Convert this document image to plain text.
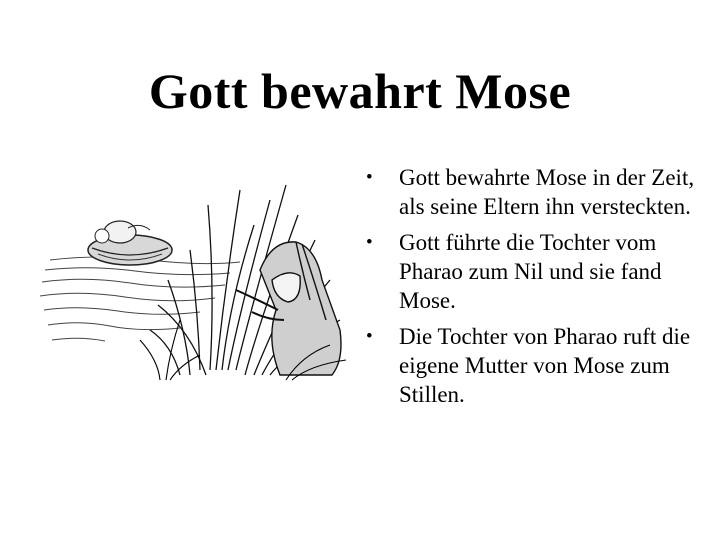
Gott bewahrt Mose
• Gott bewahrte Mose in der Zeit, als seine Eltern ihn versteckten.
• Gott führte die Tochter vom Pharao zum Nil und sie fand Mose.
• Die Tochter von Pharao ruft die eigene Mutter von Mose zum Stillen.
